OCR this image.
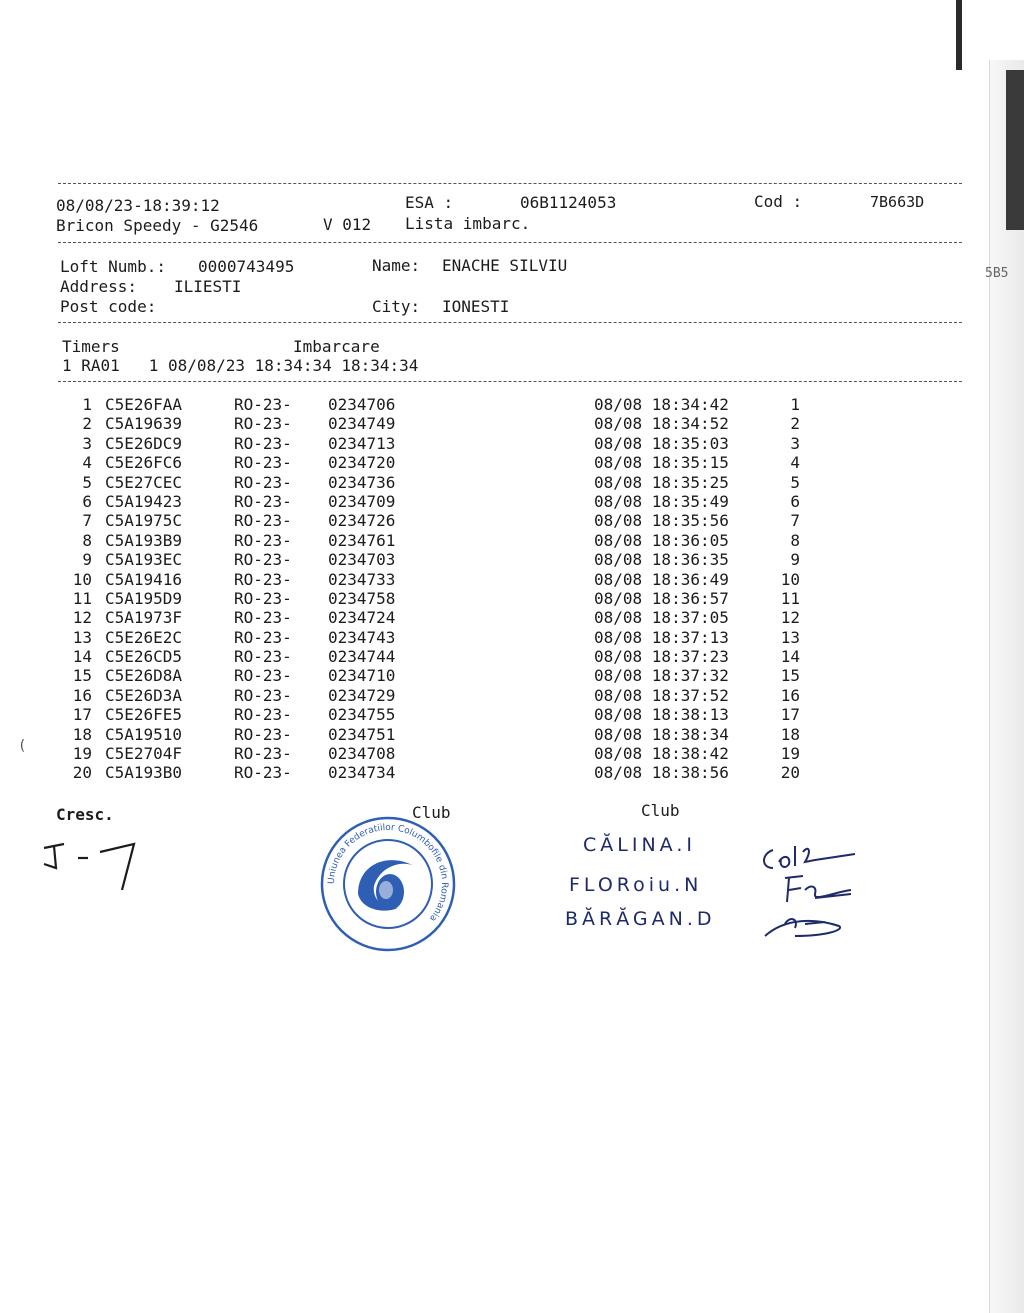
5B5
(
08/08/23-18:39:12	ESA :	06B1124053	Cod :	7B663D
Bricon Speedy - G2546	V 012 Lista imbarc.
Loft Numb.: 0000743495	Name: ENACHE SILVIU
Address: ILIESTI
Post code:	City: IONESTI
Timers	Imbarcare
1 RA01   1 08/08/23 18:34:34 18:34:34
1 C5E26FAA	RO-23- 0234706	08/08 18:34:42	1
2 C5A19639	RO-23- 0234749	08/08 18:34:52	2
3 C5E26DC9	RO-23- 0234713	08/08 18:35:03	3
4 C5E26FC6	RO-23- 0234720	08/08 18:35:15	4
5 C5E27CEC	RO-23- 0234736	08/08 18:35:25	5
6 C5A19423	RO-23- 0234709	08/08 18:35:49	6
7 C5A1975C	RO-23- 0234726	08/08 18:35:56	7
8 C5A193B9	RO-23- 0234761	08/08 18:36:05	8
9 C5A193EC	RO-23- 0234703	08/08 18:36:35	9
10 C5A19416	RO-23- 0234733	08/08 18:36:49	10
11 C5A195D9	RO-23- 0234758	08/08 18:36:57	11
12 C5A1973F	RO-23- 0234724	08/08 18:37:05	12
13 C5E26E2C	RO-23- 0234743	08/08 18:37:13	13
14 C5E26CD5	RO-23- 0234744	08/08 18:37:23	14
15 C5E26D8A	RO-23- 0234710	08/08 18:37:32	15
16 C5E26D3A	RO-23- 0234729	08/08 18:37:52	16
17 C5E26FE5	RO-23- 0234755	08/08 18:38:13	17
18 C5A19510	RO-23- 0234751	08/08 18:38:34	18
19 C5E2704F	RO-23- 0234708	08/08 18:38:42	19
20 C5A193B0	RO-23- 0234734	08/08 18:38:56	20
Cresc.	Club	Club
Uniunea Federatiilor Columbofile din Romania
CĂLINA.I
FLORoiu.N
BĂRĂGAN.D
